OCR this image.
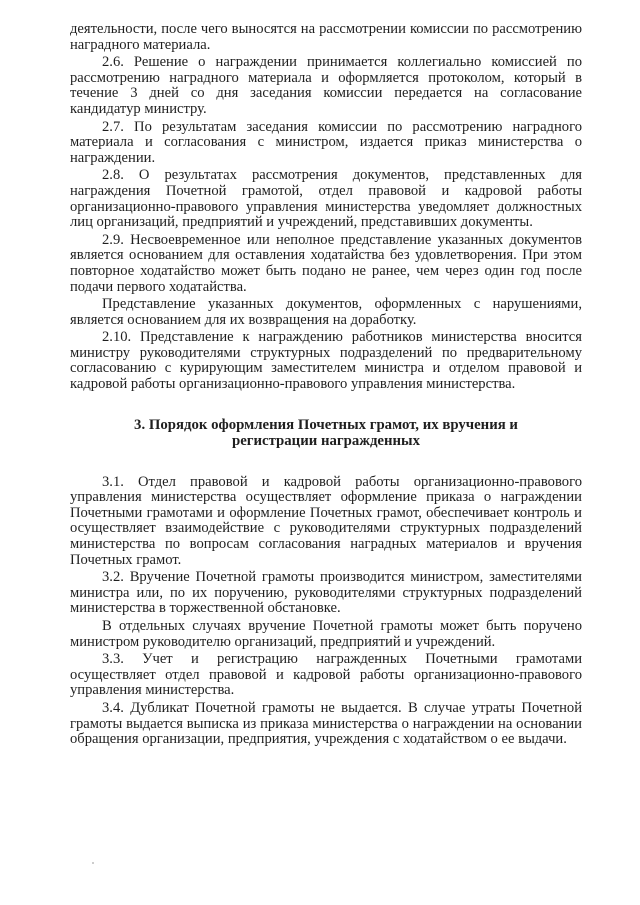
деятельности, после чего выносятся на рассмотрении комиссии по рассмотрению наградного материала.

2.6. Решение о награждении принимается коллегиально комиссией по рассмотрению наградного материала и оформляется протоколом, который в течение 3 дней со дня заседания комиссии передается на согласование кандидатур министру.

2.7. По результатам заседания комиссии по рассмотрению наградного материала и согласования с министром, издается приказ министерства о награждении.

2.8. О результатах рассмотрения документов, представленных для награждения Почетной грамотой, отдел правовой и кадровой работы организационно-правового управления министерства уведомляет должностных лиц организаций, предприятий и учреждений, представивших документы.

2.9. Несвоевременное или неполное представление указанных документов является основанием для оставления ходатайства без удовлетворения. При этом повторное ходатайство может быть подано не ранее, чем через один год после подачи первого ходатайства.

Представление указанных документов, оформленных с нарушениями, является основанием для их возвращения на доработку.

2.10. Представление к награждению работников министерства вносится министру руководителями структурных подразделений по предварительному согласованию с курирующим заместителем министра и отделом правовой и кадровой работы организационно-правового управления министерства.

3. Порядок оформления Почетных грамот, их вручения и регистрации награжденных

3.1. Отдел правовой и кадровой работы организационно-правового управления министерства осуществляет оформление приказа о награждении Почетными грамотами и оформление Почетных грамот, обеспечивает контроль и осуществляет взаимодействие с руководителями структурных подразделений министерства по вопросам согласования наградных материалов и вручения Почетных грамот.

3.2. Вручение Почетной грамоты производится министром, заместителями министра или, по их поручению, руководителями структурных подразделений министерства в торжественной обстановке.

В отдельных случаях вручение Почетной грамоты может быть поручено министром руководителю организаций, предприятий и учреждений.

3.3. Учет и регистрацию награжденных Почетными грамотами осуществляет отдел правовой и кадровой работы организационно-правового управления министерства.

3.4. Дубликат Почетной грамоты не выдается. В случае утраты Почетной грамоты выдается выписка из приказа министерства о награждении на основании обращения организации, предприятия, учреждения с ходатайством о ее выдачи.
